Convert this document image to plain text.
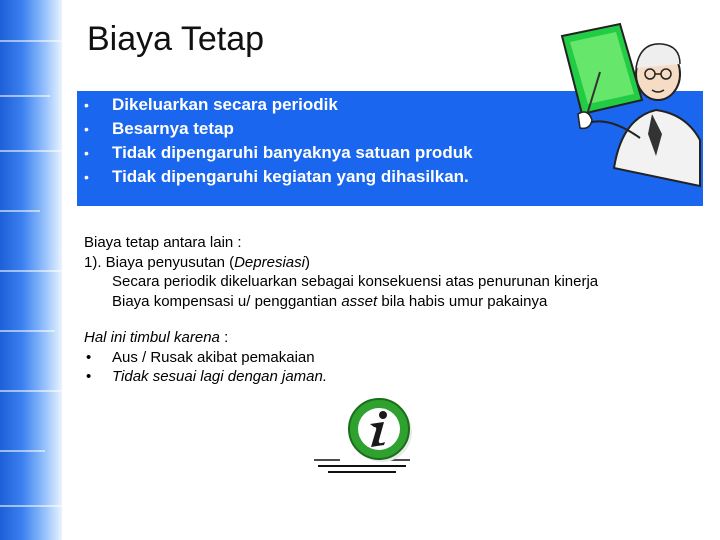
Biaya Tetap
• Dikeluarkan secara periodik
• Besarnya tetap
• Tidak dipengaruhi banyaknya satuan produk
• Tidak dipengaruhi kegiatan yang dihasilkan.
Biaya tetap antara lain :
1). Biaya penyusutan (Depresiasi)
Secara periodik dikeluarkan sebagai konsekuensi atas penurunan kinerja
Biaya kompensasi u/ penggantian asset bila habis umur pakainya
Hal ini timbul karena :
• Aus / Rusak akibat pemakaian
• Tidak sesuai lagi dengan jaman.
